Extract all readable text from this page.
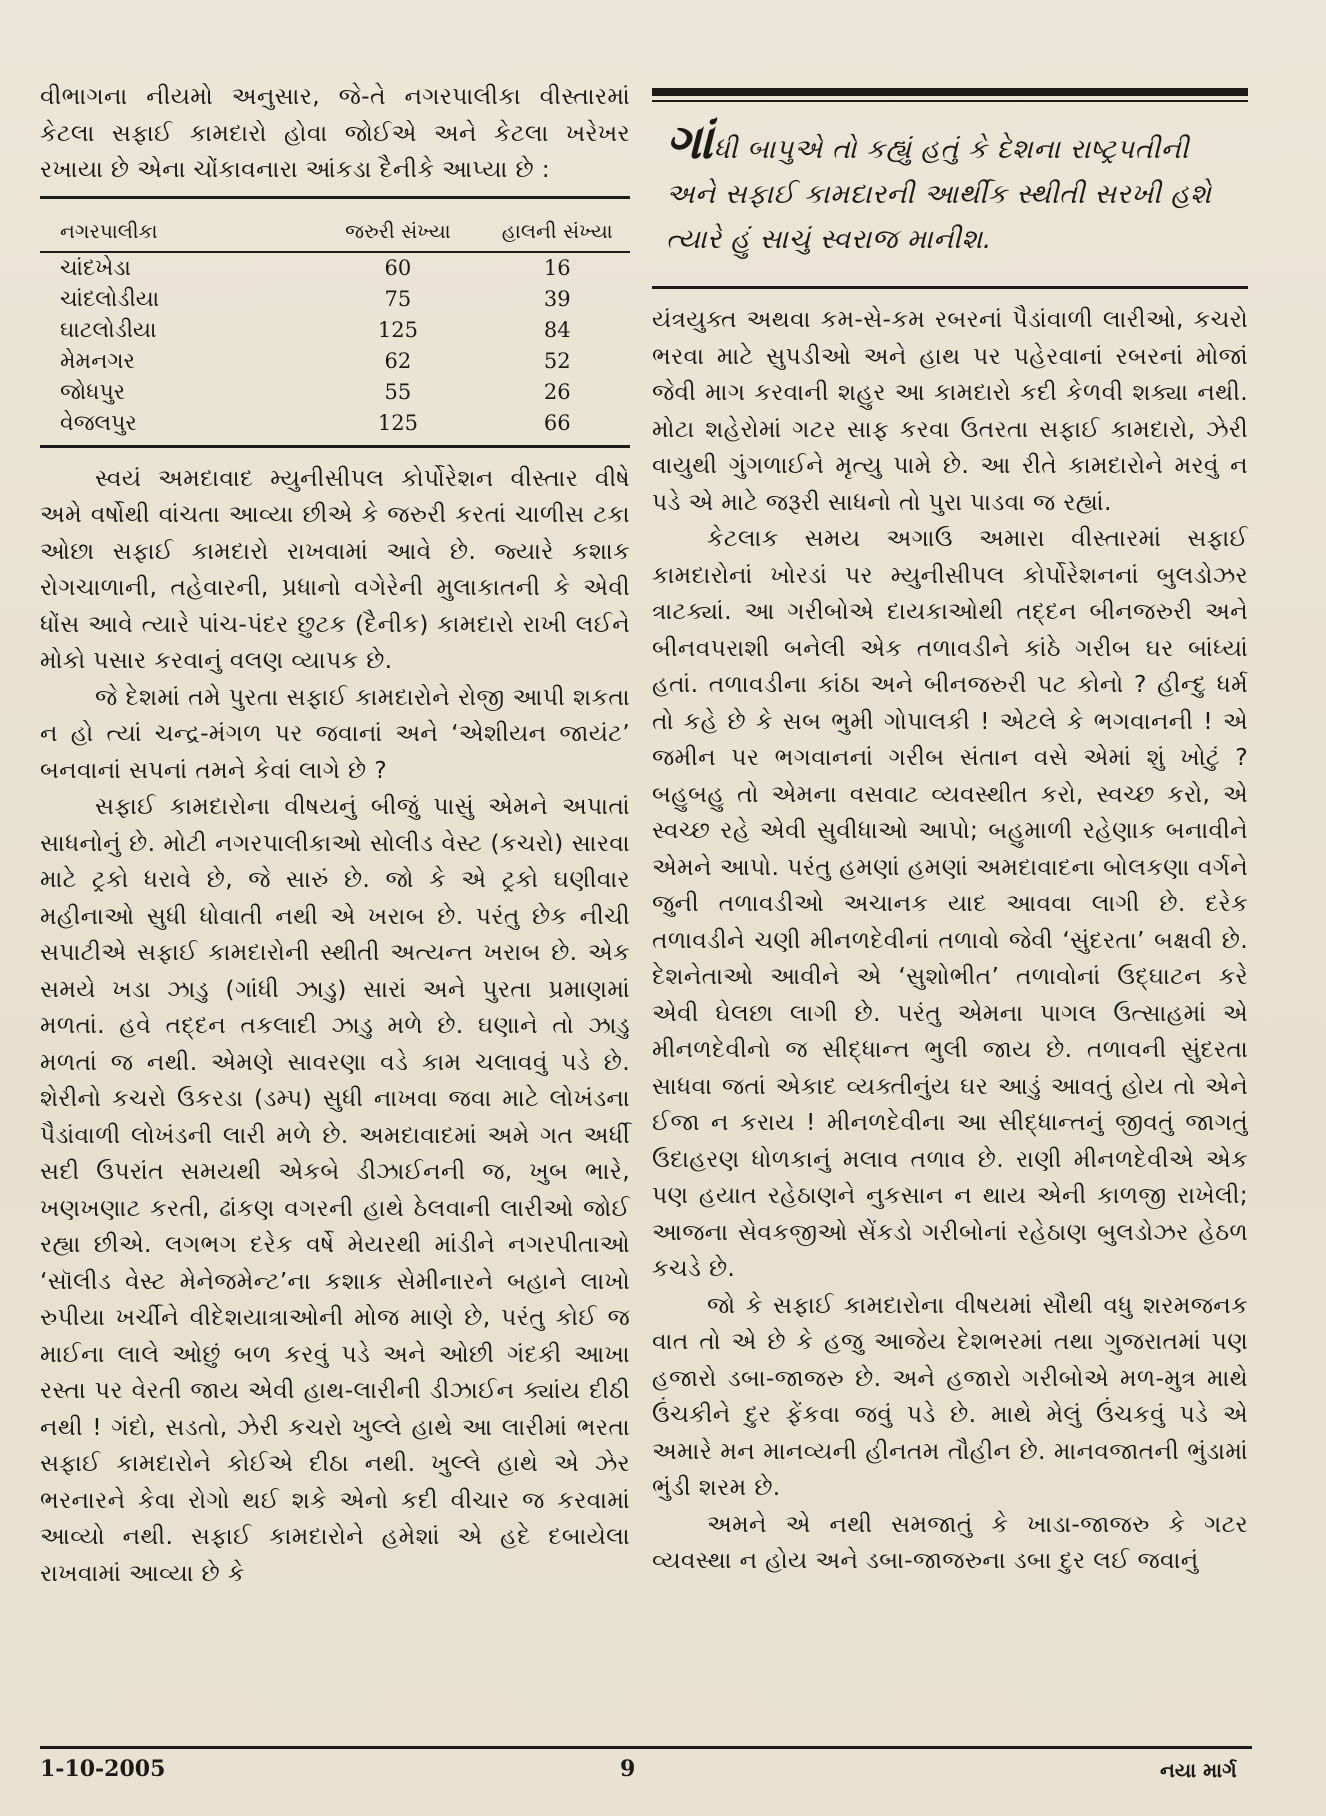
વીભાગના નીયમો અનુસાર, જે-તે નગરપાલીકા વીસ્તારમાં કેટલા સફાઈ કામદારો હોવા જોઈએ અને કેટલા ખરેખર રખાયા છે એના ચોંકાવનારા આંકડા દૈનીકે આપ્યા છે :

નગરપાલીકા	જરુરી સંખ્યા	હાલની સંખ્યા
ચાંદખેડા	60	16
ચાંદલોડીયા	75	39
ઘાટલોડીયા	125	84
મેમનગર	62	52
જોધપુર	55	26
વેજલપુર	125	66

સ્વયં અમદાવાદ મ્યુનીસીપલ કોર્પોરેશન વીસ્તાર વીષે અમે વર્ષોથી વાંચતા આવ્યા છીએ કે જરુરી કરતાં ચાળીસ ટકા ઓછા સફાઈ કામદારો રાખવામાં આવે છે. જ્યારે કશાક રોગચાળાની, તહેવારની, પ્રધાનો વગેરેની મુલાકાતની કે એવી ધોંસ આવે ત્યારે પાંચ-પંદર છુટક (દૈનીક) કામદારો રાખી લઈને મોકો પસાર કરવાનું વલણ વ્યાપક છે.

જે દેશમાં તમે પુરતા સફાઈ કામદારોને રોજી આપી શકતા ન હો ત્યાં ચન્દ્ર-મંગળ પર જવાનાં અને ‘એશીયન જાયંટ’ બનવાનાં સપનાં તમને કેવાં લાગે છે ?

સફાઈ કામદારોના વીષયનું બીજું પાસું એમને અપાતાં સાધનોનું છે. મોટી નગરપાલીકાઓ સોલીડ વેસ્ટ (કચરો) સારવા માટે ટ્રકો ધરાવે છે, જે સારું છે. જો કે એ ટ્રકો ઘણીવાર મહીનાઓ સુધી ધોવાતી નથી એ ખરાબ છે. પરંતુ છેક નીચી સપાટીએ સફાઈ કામદારોની સ્થીતી અત્યન્ત ખરાબ છે. એક સમયે ખડા ઝાડુ (ગાંધી ઝાડુ) સારાં અને પુરતા પ્રમાણમાં મળતાં. હવે તદ્દન તકલાદી ઝાડુ મળે છે. ઘણાને તો ઝાડુ મળતાં જ નથી. એમણે સાવરણા વડે કામ ચલાવવું પડે છે. શેરીનો કચરો ઉકરડા (ડમ્પ) સુધી નાખવા જવા માટે લોખંડના પૈડાંવાળી લોખંડની લારી મળે છે. અમદાવાદમાં અમે ગત અર્ધી સદી ઉપરાંત સમયથી એકબે ડીઝાઈનની જ, ખુબ ભારે, ખણખણાટ કરતી, ઢાંકણ વગરની હાથે ઠેલવાની લારીઓ જોઈ રહ્યા છીએ. લગભગ દરેક વર્ષે મેયરથી માંડીને નગરપીતાઓ ‘સૉલીડ વેસ્ટ મેનેજમેન્ટ’ના કશાક સેમીનારને બહાને લાખો રુપીયા ખર્ચીને વીદેશયાત્રાઓની મોજ માણે છે, પરંતુ કોઈ જ માઈના લાલે ઓછું બળ કરવું પડે અને ઓછી ગંદકી આખા રસ્તા પર વેરતી જાય એવી હાથ-લારીની ડીઝાઈન ક્યાંય દીઠી નથી ! ગંદો, સડતો, ઝેરી કચરો ખુલ્લે હાથે આ લારીમાં ભરતા સફાઈ કામદારોને કોઈએ દીઠા નથી. ખુલ્લે હાથે એ ઝેર ભરનારને કેવા રોગો થઈ શકે એનો કદી વીચાર જ કરવામાં આવ્યો નથી. સફાઈ કામદારોને હમેશાં એ હદે દબાયેલા રાખવામાં આવ્યા છે કે

ગાંધી બાપુએ તો કહ્યું હતું કે દેશના રાષ્ટ્રપતીની અને સફાઈ કામદારની આર્થીક સ્થીતી સરખી હશે ત્યારે હું સાચું સ્વરાજ માનીશ.

યંત્રયુક્ત અથવા કમ-સે-કમ રબરનાં પૈડાંવાળી લારીઓ, કચરો ભરવા માટે સુપડીઓ અને હાથ પર પહેરવાનાં રબરનાં મોજાં જેવી માગ કરવાની શહુર આ કામદારો કદી કેળવી શક્યા નથી. મોટા શહેરોમાં ગટર સાફ કરવા ઉતરતા સફાઈ કામદારો, ઝેરી વાયુથી ગુંગળાઈને મૃત્યુ પામે છે. આ રીતે કામદારોને મરવું ન પડે એ માટે જરૂરી સાધનો તો પુરા પાડવા જ રહ્યાં.

કેટલાક સમય અગાઉ અમારા વીસ્તારમાં સફાઈ કામદારોનાં ખોરડાં પર મ્યુનીસીપલ કોર્પોરેશનનાં બુલડોઝર ત્રાટક્યાં. આ ગરીબોએ દાયકાઓથી તદ્દન બીનજરુરી અને બીનવપરાશી બનેલી એક તળાવડીને કાંઠે ગરીબ ઘર બાંધ્યાં હતાં. તળાવડીના કાંઠા અને બીનજરુરી પટ કોનો ? હીન્દુ ધર્મ તો કહે છે કે સબ ભુમી ગોપાલકી ! એટલે કે ભગવાનની ! એ જમીન પર ભગવાનનાં ગરીબ સંતાન વસે એમાં શું ખોટું ? બહુબહુ તો એમના વસવાટ વ્યવસ્થીત કરો, સ્વચ્છ કરો, એ સ્વચ્છ રહે એવી સુવીધાઓ આપો; બહુમાળી રહેણાક બનાવીને એમને આપો. પરંતુ હમણાં હમણાં અમદાવાદના બોલકણા વર્ગને જુની તળાવડીઓ અચાનક યાદ આવવા લાગી છે. દરેક તળાવડીને ચણી મીનળદેવીનાં તળાવો જેવી ‘સુંદરતા’ બક્ષવી છે. દેશનેતાઓ આવીને એ ‘સુશોભીત’ તળાવોનાં ઉદ્ઘાટન કરે એવી ઘેલછા લાગી છે. પરંતુ એમના પાગલ ઉત્સાહમાં એ મીનળદેવીનો જ સીદ્ધાન્ત ભુલી જાય છે. તળાવની સુંદરતા સાધવા જતાં એકાદ વ્યક્તીનુંય ઘર આડું આવતું હોય તો એને ઈજા ન કરાય ! મીનળદેવીના આ સીદ્ધાન્તનું જીવતું જાગતું ઉદાહરણ ધોળકાનું મલાવ તળાવ છે. રાણી મીનળદેવીએ એક પણ હયાત રહેઠાણને નુકસાન ન થાય એની કાળજી રાખેલી; આજના સેવકજીઓ સેંકડો ગરીબોનાં રહેઠાણ બુલડોઝર હેઠળ કચડે છે.

જો કે સફાઈ કામદારોના વીષયમાં સૌથી વધુ શરમજનક વાત તો એ છે કે હજુ આજેય દેશભરમાં તથા ગુજરાતમાં પણ હજારો ડબા-જાજરુ છે. અને હજારો ગરીબોએ મળ-મુત્ર માથે ઉંચકીને દુર ફેંકવા જવું પડે છે. માથે મેલું ઉંચકવું પડે એ અમારે મન માનવ્યની હીનતમ તૌહીન છે. માનવજાતની ભુંડામાં ભુંડી શરમ છે.

અમને એ નથી સમજાતું કે ખાડા-જાજરુ કે ગટર વ્યવસ્થા ન હોય અને ડબા-જાજરુના ડબા દુર લઈ જવાનું

1-10-2005	9	નયા માર્ગ
